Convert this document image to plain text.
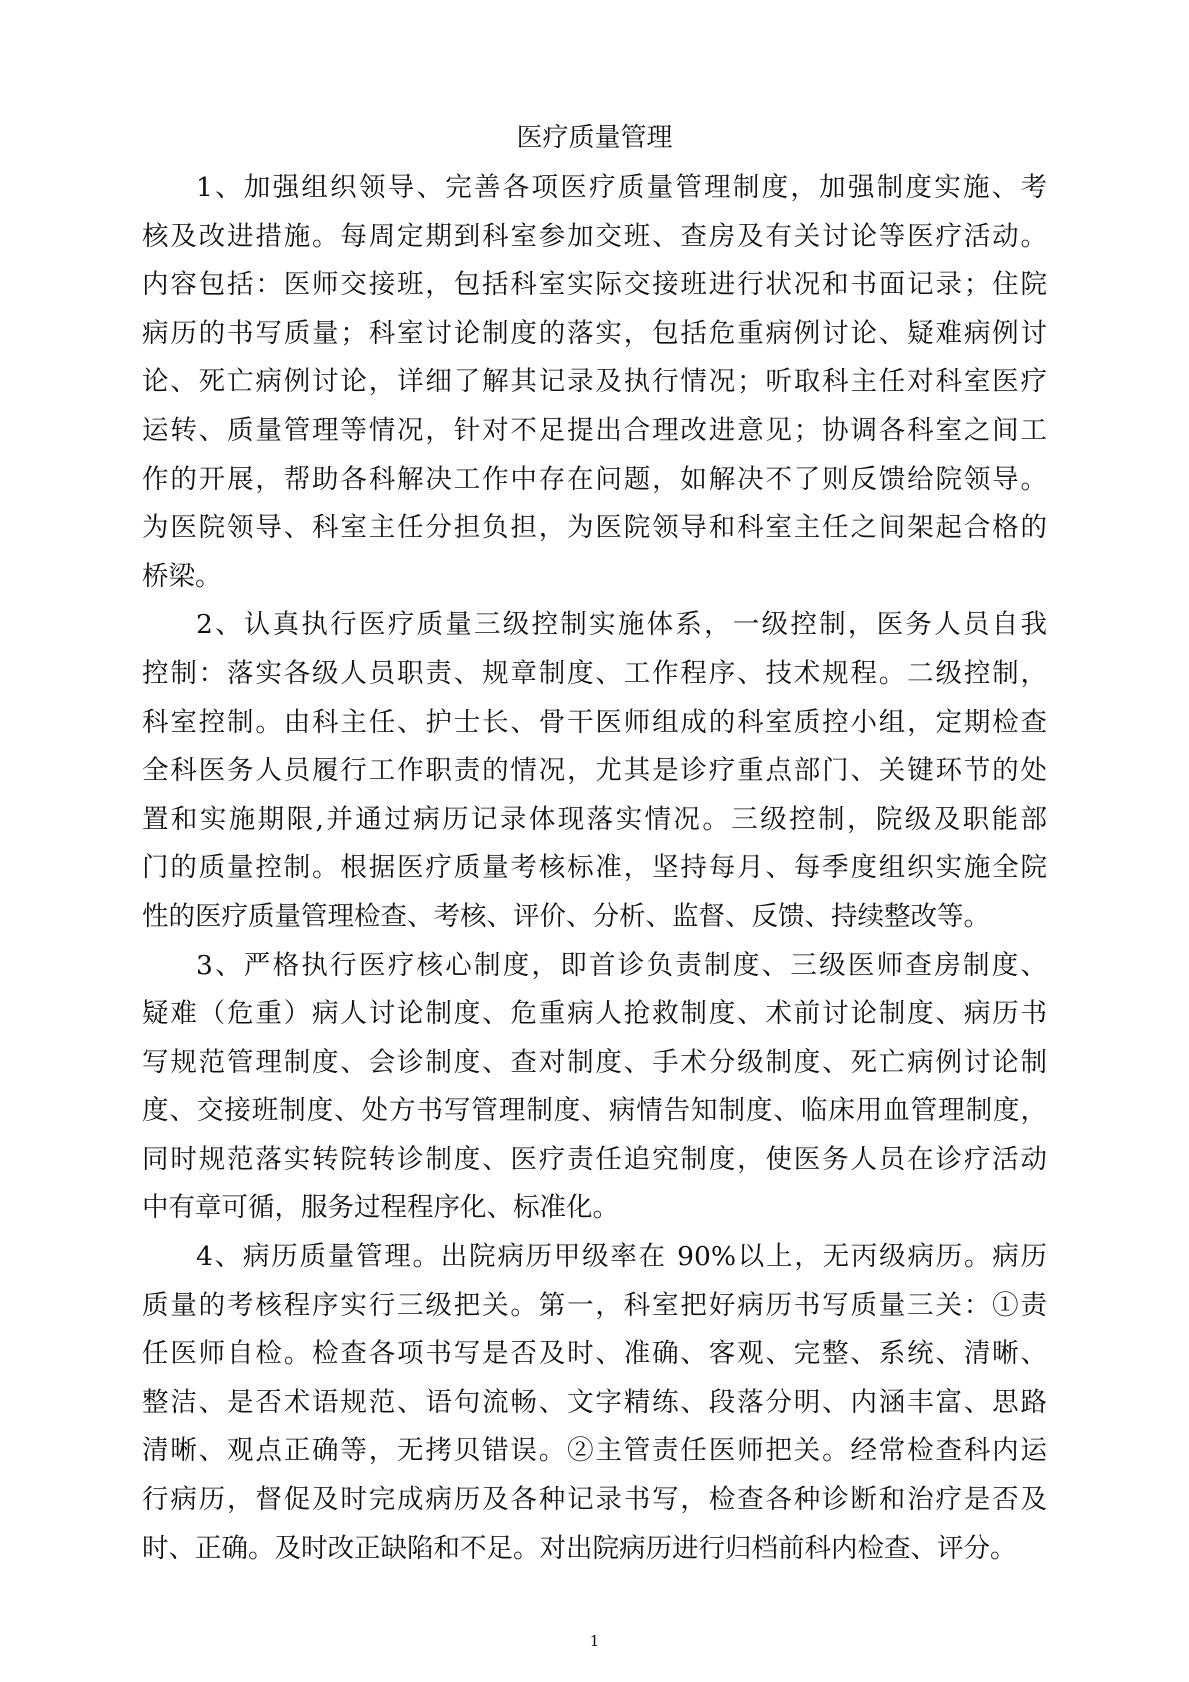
医疗质量管理
1、加强组织领导、完善各项医疗质量管理制度，加强制度实施、考
核及改进措施。每周定期到科室参加交班、查房及有关讨论等医疗活动。
内容包括：医师交接班，包括科室实际交接班进行状况和书面记录；住院
病历的书写质量；科室讨论制度的落实，包括危重病例讨论、疑难病例讨
论、死亡病例讨论，详细了解其记录及执行情况；听取科主任对科室医疗
运转、质量管理等情况，针对不足提出合理改进意见；协调各科室之间工
作的开展，帮助各科解决工作中存在问题，如解决不了则反馈给院领导。
为医院领导、科室主任分担负担，为医院领导和科室主任之间架起合格的
桥梁。
2、认真执行医疗质量三级控制实施体系，一级控制，医务人员自我
控制：落实各级人员职责、规章制度、工作程序、技术规程。二级控制，
科室控制。由科主任、护士长、骨干医师组成的科室质控小组，定期检查
全科医务人员履行工作职责的情况，尤其是诊疗重点部门、关键环节的处
置和实施期限,并通过病历记录体现落实情况。三级控制，院级及职能部
门的质量控制。根据医疗质量考核标准，坚持每月、每季度组织实施全院
性的医疗质量管理检查、考核、评价、分析、监督、反馈、持续整改等。
3、严格执行医疗核心制度，即首诊负责制度、三级医师查房制度、
疑难（危重）病人讨论制度、危重病人抢救制度、术前讨论制度、病历书
写规范管理制度、会诊制度、查对制度、手术分级制度、死亡病例讨论制
度、交接班制度、处方书写管理制度、病情告知制度、临床用血管理制度，
同时规范落实转院转诊制度、医疗责任追究制度，使医务人员在诊疗活动
中有章可循，服务过程程序化、标准化。
4、病历质量管理。出院病历甲级率在 90%以上，无丙级病历。病历
质量的考核程序实行三级把关。第一，科室把好病历书写质量三关：①责
任医师自检。检查各项书写是否及时、准确、客观、完整、系统、清晰、
整洁、是否术语规范、语句流畅、文字精练、段落分明、内涵丰富、思路
清晰、观点正确等，无拷贝错误。②主管责任医师把关。经常检查科内运
行病历，督促及时完成病历及各种记录书写，检查各种诊断和治疗是否及
时、正确。及时改正缺陷和不足。对出院病历进行归档前科内检查、评分。
1
